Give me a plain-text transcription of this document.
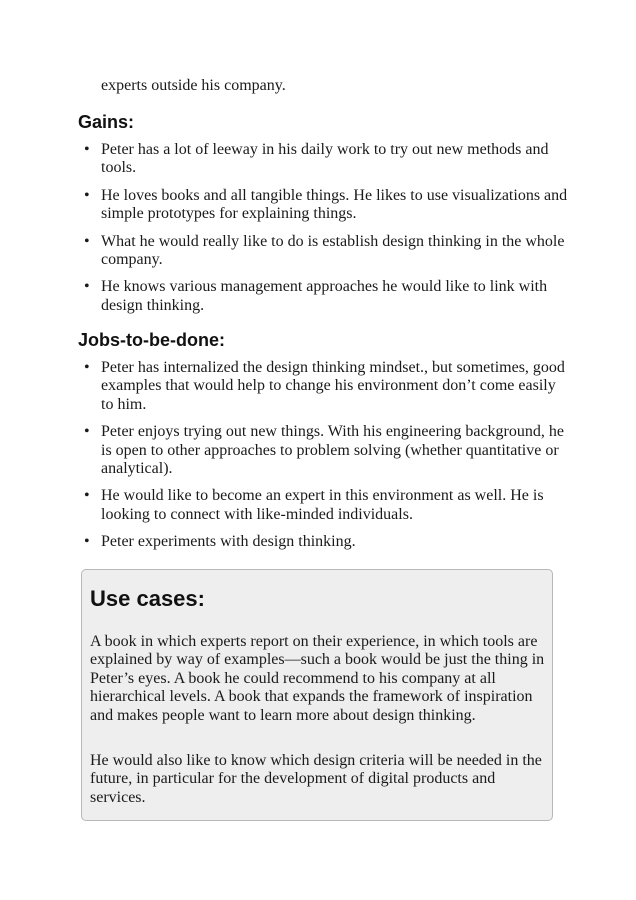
experts outside his company.

Gains:
• Peter has a lot of leeway in his daily work to try out new methods and tools.
• He loves books and all tangible things. He likes to use visualizations and simple prototypes for explaining things.
• What he would really like to do is establish design thinking in the whole company.
• He knows various management approaches he would like to link with design thinking.
Jobs-to-be-done:
• Peter has internalized the design thinking mindset., but sometimes, good examples that would help to change his environment don’t come easily to him.
• Peter enjoys trying out new things. With his engineering background, he is open to other approaches to problem solving (whether quantitative or analytical).
• He would like to become an expert in this environment as well. He is looking to connect with like-minded individuals.
• Peter experiments with design thinking.
Use cases:

A book in which experts report on their experience, in which tools are explained by way of examples—such a book would be just the thing in Peter’s eyes. A book he could recommend to his company at all hierarchical levels. A book that expands the framework of inspiration and makes people want to learn more about design thinking.

He would also like to know which design criteria will be needed in the future, in particular for the development of digital products and services.
